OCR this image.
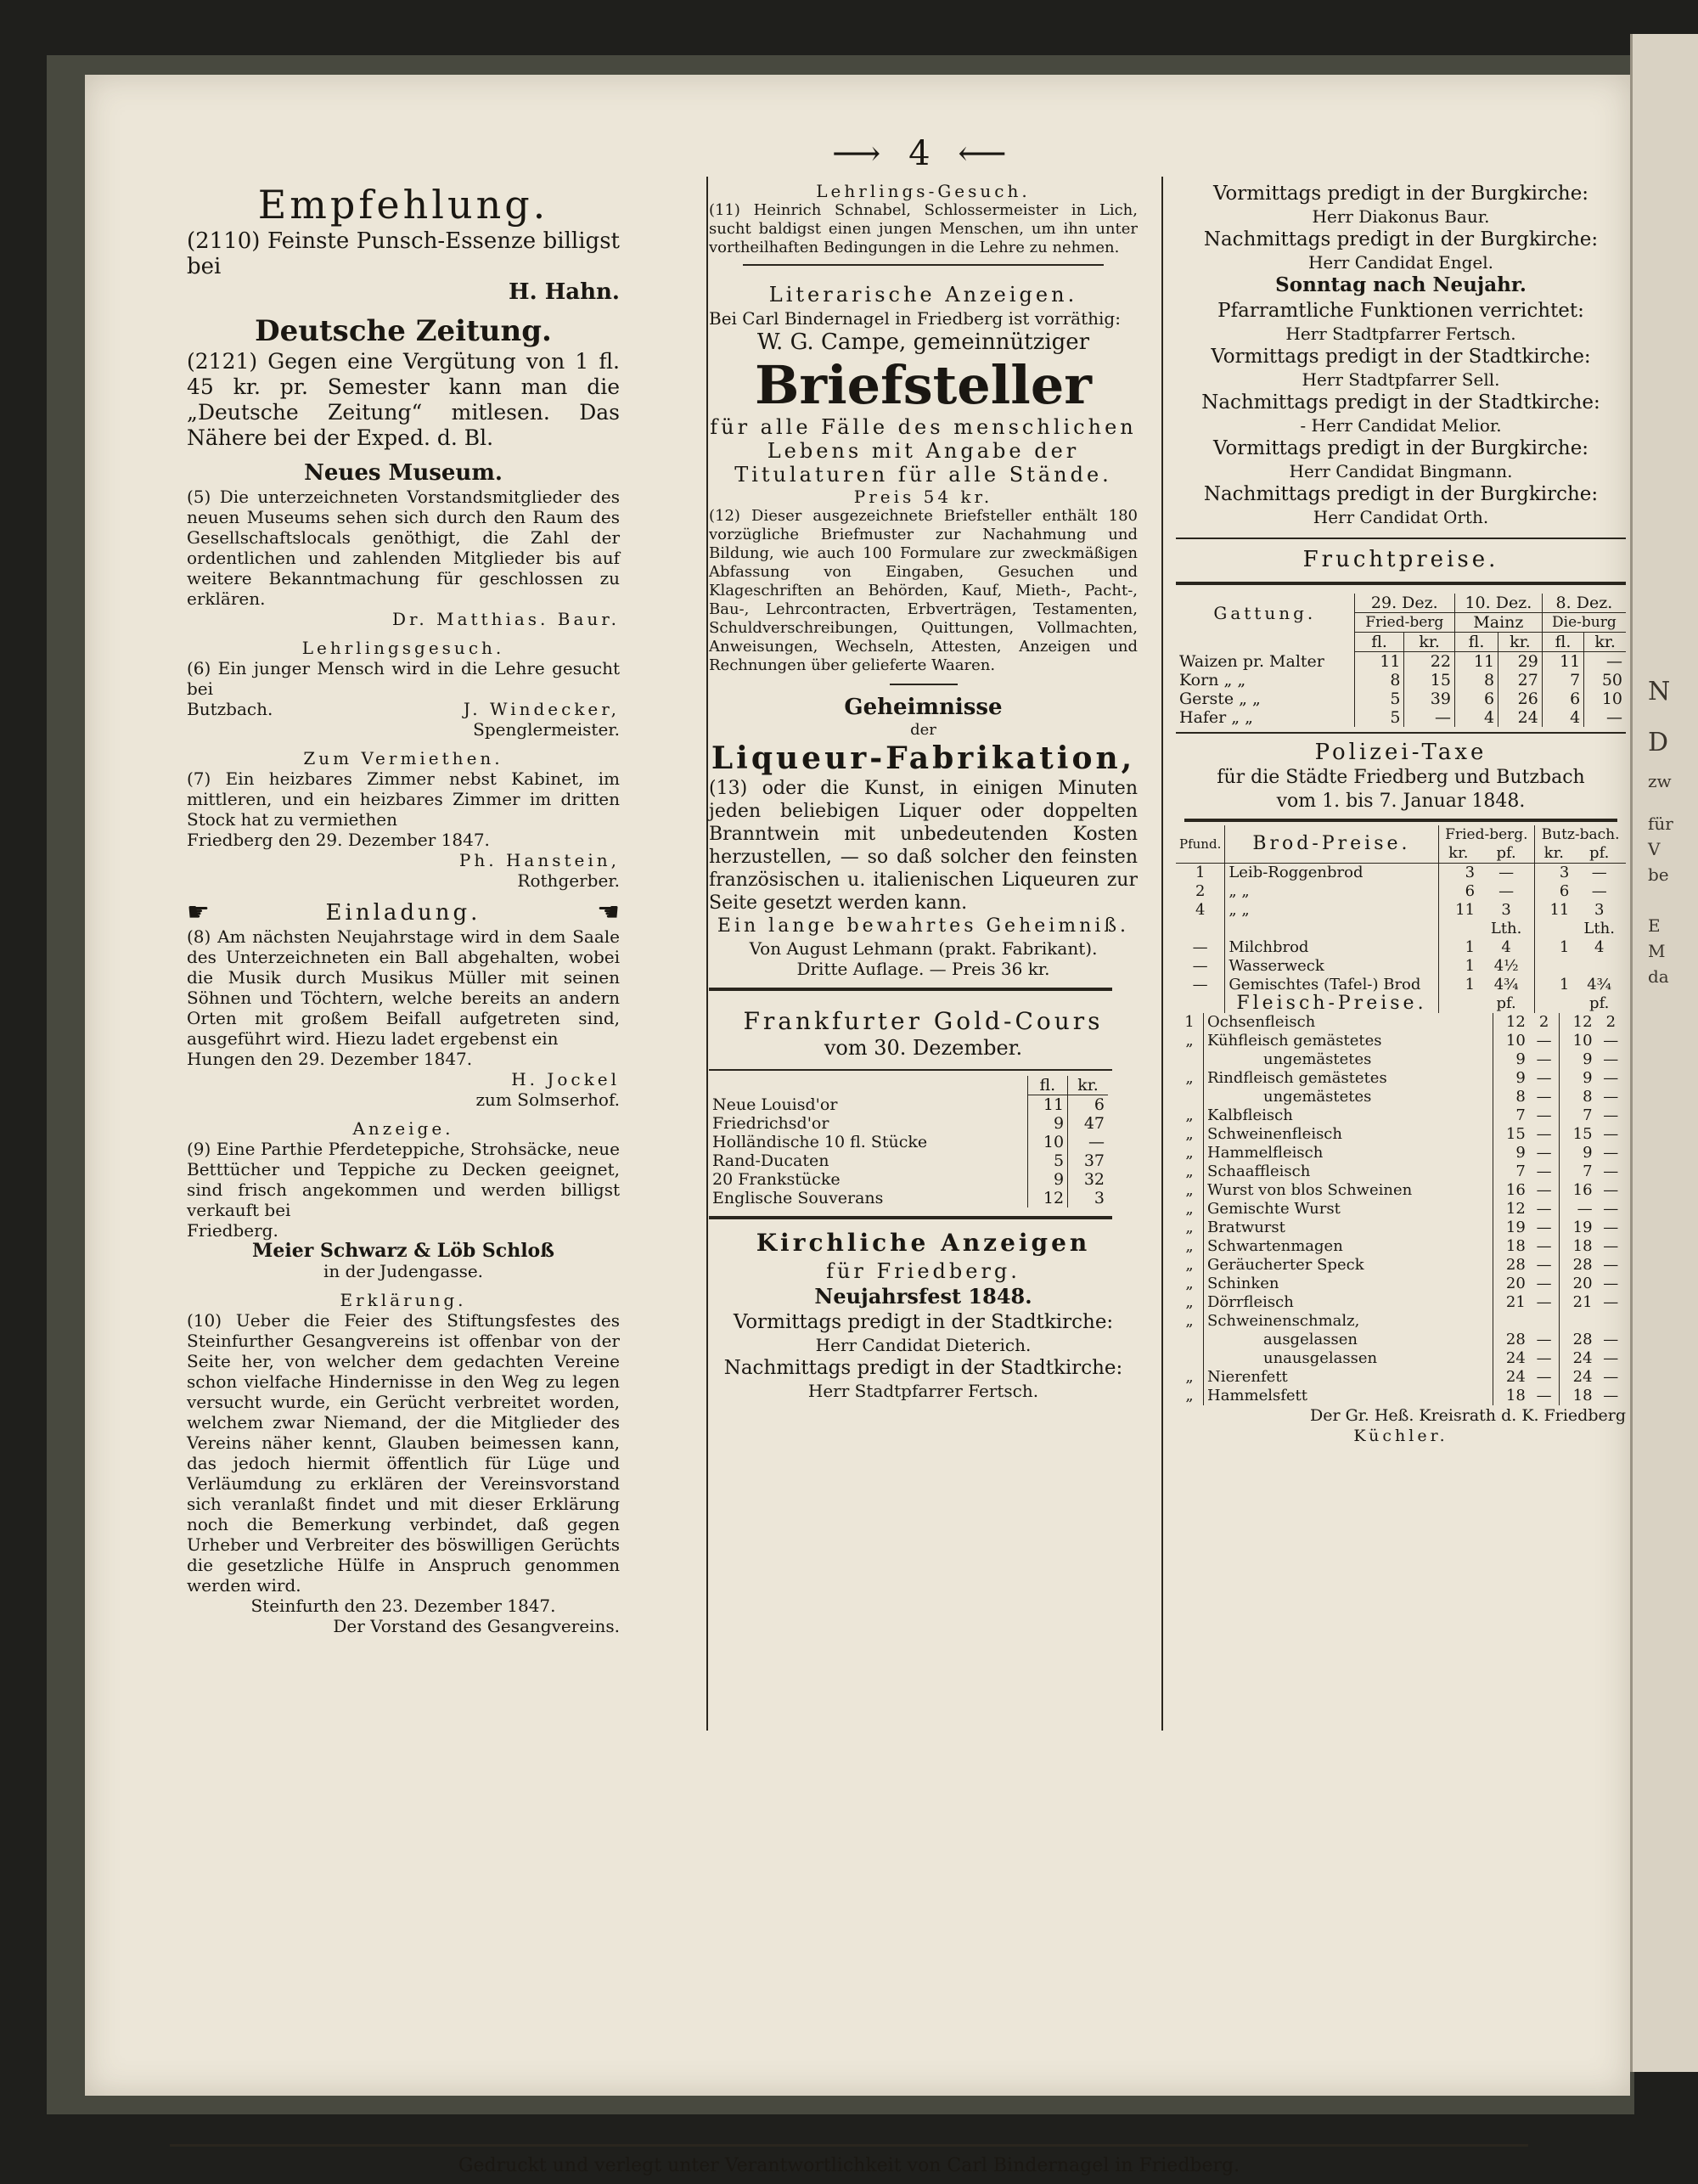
N
D
zw
für
V
be
E
M
da
⟶ 4 ⟵
Empfehlung.
(2110) Feinste Punsch-Essenze billigst bei
H. Hahn.
Deutsche Zeitung.
(2121) Gegen eine Vergütung von 1 fl. 45 kr. pr. Semester kann man die „Deutsche Zeitung“ mitlesen. Das Nähere bei der Exped. d. Bl.
Neues Museum.
(5) Die unterzeichneten Vorstandsmitglieder des neuen Museums sehen sich durch den Raum des Gesellschaftslocals genöthigt, die Zahl der ordentlichen und zahlenden Mitglieder bis auf weitere Bekanntmachung für geschlossen zu erklären.
Dr. Matthias. Baur.
Lehrlingsgesuch.
(6) Ein junger Mensch wird in die Lehre gesucht bei
Butzbach.	J. Windecker,
Spenglermeister.
Zum Vermiethen.
(7) Ein heizbares Zimmer nebst Kabinet, im mittleren, und ein heizbares Zimmer im dritten Stock hat zu vermiethen
Friedberg den 29. Dezember 1847.
Ph. Hanstein,
Rothgerber.
☛	Einladung.	☚
(8) Am nächsten Neujahrstage wird in dem Saale des Unterzeichneten ein Ball abgehalten, wobei die Musik durch Musikus Müller mit seinen Söhnen und Töchtern, welche bereits an andern Orten mit großem Beifall aufgetreten sind, ausgeführt wird. Hiezu ladet ergebenst ein
Hungen den 29. Dezember 1847.
H. Jockel
zum Solmserhof.
Anzeige.
(9) Eine Parthie Pferdeteppiche, Strohsäcke, neue Betttücher und Teppiche zu Decken geeignet, sind frisch angekommen und werden billigst verkauft bei
Friedberg.
Meier Schwarz & Löb Schloß
in der Judengasse.
Erklärung.
(10) Ueber die Feier des Stiftungsfestes des Steinfurther Gesangvereins ist offenbar von der Seite her, von welcher dem gedachten Vereine schon vielfache Hindernisse in den Weg zu legen versucht wurde, ein Gerücht verbreitet worden, welchem zwar Niemand, der die Mitglieder des Vereins näher kennt, Glauben beimessen kann, das jedoch hiermit öffentlich für Lüge und Verläumdung zu erklären der Vereinsvorstand sich veranlaßt findet und mit dieser Erklärung noch die Bemerkung verbindet, daß gegen Urheber und Verbreiter des böswilligen Gerüchts die gesetzliche Hülfe in Anspruch genommen werden wird.
Steinfurth den 23. Dezember 1847.
Der Vorstand des Gesangvereins.
Lehrlings-Gesuch.
(11) Heinrich Schnabel, Schlossermeister in Lich, sucht baldigst einen jungen Menschen, um ihn unter vortheilhaften Bedingungen in die Lehre zu nehmen.
Literarische Anzeigen.
Bei Carl Bindernagel in Friedberg ist vorräthig:
W. G. Campe, gemeinnütziger
Briefsteller
für alle Fälle des menschlichen Lebens mit Angabe der Titulaturen für alle Stände.
Preis 54 kr.
(12) Dieser ausgezeichnete Briefsteller enthält 180 vorzügliche Briefmuster zur Nachahmung und Bildung, wie auch 100 Formulare zur zweckmäßigen Abfassung von Eingaben, Gesuchen und Klageschriften an Behörden, Kauf, Mieth-, Pacht-, Bau-, Lehrcontracten, Erbverträgen, Testamenten, Schuldverschreibungen, Quittungen, Vollmachten, Anweisungen, Wechseln, Attesten, Anzeigen und Rechnungen über gelieferte Waaren.
Geheimnisse
der
Liqueur-Fabrikation,
(13) oder die Kunst, in einigen Minuten jeden beliebigen Liquer oder doppelten Branntwein mit unbedeutenden Kosten herzustellen, — so daß solcher den feinsten französischen u. italienischen Liqueuren zur Seite gesetzt werden kann.
Ein lange bewahrtes Geheimniß.
Von August Lehmann (prakt. Fabrikant).
Dritte Auflage. — Preis 36 kr.
Frankfurter Gold-Cours
vom 30. Dezember.
	fl.	kr.
Neue Louisd'or	11	6
Friedrichsd'or	9	47
Holländische 10 fl. Stücke	10	—
Rand-Ducaten	5	37
20 Frankstücke	9	32
Englische Souverans	12	3
Kirchliche Anzeigen
für Friedberg.
Neujahrsfest 1848.
Vormittags predigt in der Stadtkirche:
Herr Candidat Dieterich.
Nachmittags predigt in der Stadtkirche:
Herr Stadtpfarrer Fertsch.
Vormittags predigt in der Burgkirche:
Herr Diakonus Baur.
Nachmittags predigt in der Burgkirche:
Herr Candidat Engel.
Sonntag nach Neujahr.
Pfarramtliche Funktionen verrichtet:
Herr Stadtpfarrer Fertsch.
Vormittags predigt in der Stadtkirche:
Herr Stadtpfarrer Sell.
Nachmittags predigt in der Stadtkirche:
- Herr Candidat Melior.
Vormittags predigt in der Burgkirche:
Herr Candidat Bingmann.
Nachmittags predigt in der Burgkirche:
Herr Candidat Orth.
Fruchtpreise.
Gattung.	29. Dez.		10. Dez.		8. Dez.	
	Fried-berg		Mainz		Die-burg	
	fl.	kr.	fl.	kr.	fl.	kr.
Waizen pr. Malter	11	22	11	29	11	—
Korn „ „	8	15	8	27	7	50
Gerste „ „	5	39	6	26	6	10
Hafer „ „	5	—	4	24	4	—
Polizei-Taxe
für die Städte Friedberg und Butzbach
vom 1. bis 7. Januar 1848.
Pfund.	Brod-Preise.	Fried-berg.		Butz-bach.	
		kr.	pf.	kr.	pf.
1	Leib-Roggenbrod	3	—	3	—
2	„ „	6	—	6	—
4	„ „	11	3	11	3
			Lth.		Lth.
—	Milchbrod	1	4	1	4
—	Wasserweck	1	4½		
—	Gemischtes (Tafel-) Brod	1	4¾	1	4¾
	Fleisch-Preise.		pf.		pf.
1	Ochsenfleisch	12	2	12	2
„	Kühfleisch gemästetes	10	—	10	—
	ungemästetes	9	—	9	—
„	Rindfleisch gemästetes	9	—	9	—
	ungemästetes	8	—	8	—
„	Kalbfleisch	7	—	7	—
„	Schweinenfleisch	15	—	15	—
„	Hammelfleisch	9	—	9	—
„	Schaaffleisch	7	—	7	—
„	Wurst von blos Schweinen	16	—	16	—
„	Gemischte Wurst	12	—	—	—
„	Bratwurst	19	—	19	—
„	Schwartenmagen	18	—	18	—
„	Geräucherter Speck	28	—	28	—
„	Schinken	20	—	20	—
„	Dörrfleisch	21	—	21	—
„	Schweinenschmalz,				
	ausgelassen	28	—	28	—
	unausgelassen	24	—	24	—
„	Nierenfett	24	—	24	—
„	Hammelsfett	18	—	18	—
Der Gr. Heß. Kreisrath d. K. Friedberg
Küchler.
Gedruckt und verlegt unter Verantwortlichkeit von Carl Bindernagel in Friedberg.
